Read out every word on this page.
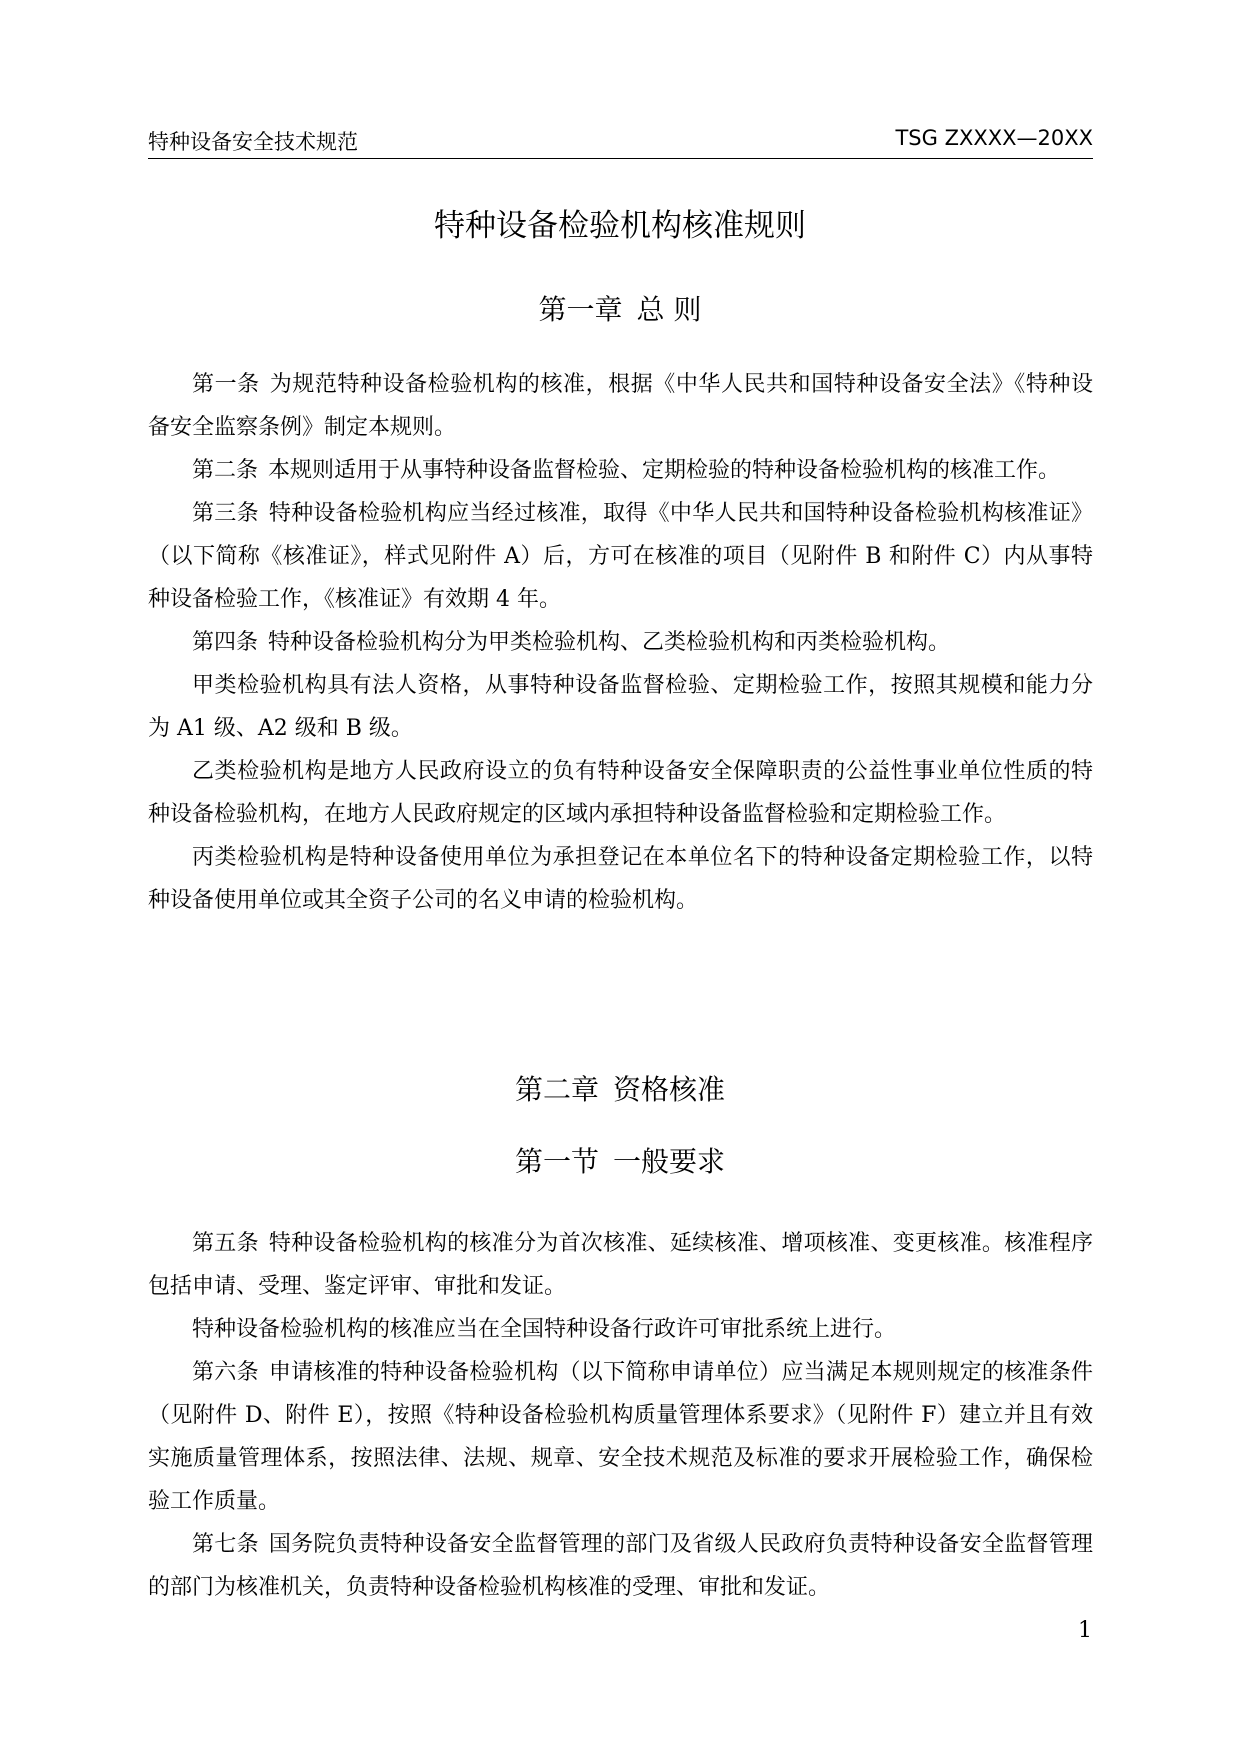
特种设备安全技术规范	TSG ZXXXX—20XX
特种设备检验机构核准规则
第一章 总 则

第一条 为规范特种设备检验机构的核准，根据《中华人民共和国特种设备安全法》《特种设备安全监察条例》制定本规则。

第二条 本规则适用于从事特种设备监督检验、定期检验的特种设备检验机构的核准工作。

第三条 特种设备检验机构应当经过核准，取得《中华人民共和国特种设备检验机构核准证》（以下简称《核准证》，样式见附件 A）后，方可在核准的项目（见附件 B 和附件 C）内从事特种设备检验工作，《核准证》有效期 4 年。

第四条 特种设备检验机构分为甲类检验机构、乙类检验机构和丙类检验机构。

甲类检验机构具有法人资格，从事特种设备监督检验、定期检验工作，按照其规模和能力分为 A1 级、A2 级和 B 级。

乙类检验机构是地方人民政府设立的负有特种设备安全保障职责的公益性事业单位性质的特种设备检验机构，在地方人民政府规定的区域内承担特种设备监督检验和定期检验工作。

丙类检验机构是特种设备使用单位为承担登记在本单位名下的特种设备定期检验工作，以特种设备使用单位或其全资子公司的名义申请的检验机构。

第二章 资格核准
第一节 一般要求

第五条 特种设备检验机构的核准分为首次核准、延续核准、增项核准、变更核准。核准程序包括申请、受理、鉴定评审、审批和发证。

特种设备检验机构的核准应当在全国特种设备行政许可审批系统上进行。

第六条 申请核准的特种设备检验机构（以下简称申请单位）应当满足本规则规定的核准条件（见附件 D、附件 E），按照《特种设备检验机构质量管理体系要求》（见附件 F）建立并且有效实施质量管理体系，按照法律、法规、规章、安全技术规范及标准的要求开展检验工作，确保检验工作质量。

第七条 国务院负责特种设备安全监督管理的部门及省级人民政府负责特种设备安全监督管理的部门为核准机关，负责特种设备检验机构核准的受理、审批和发证。

1
